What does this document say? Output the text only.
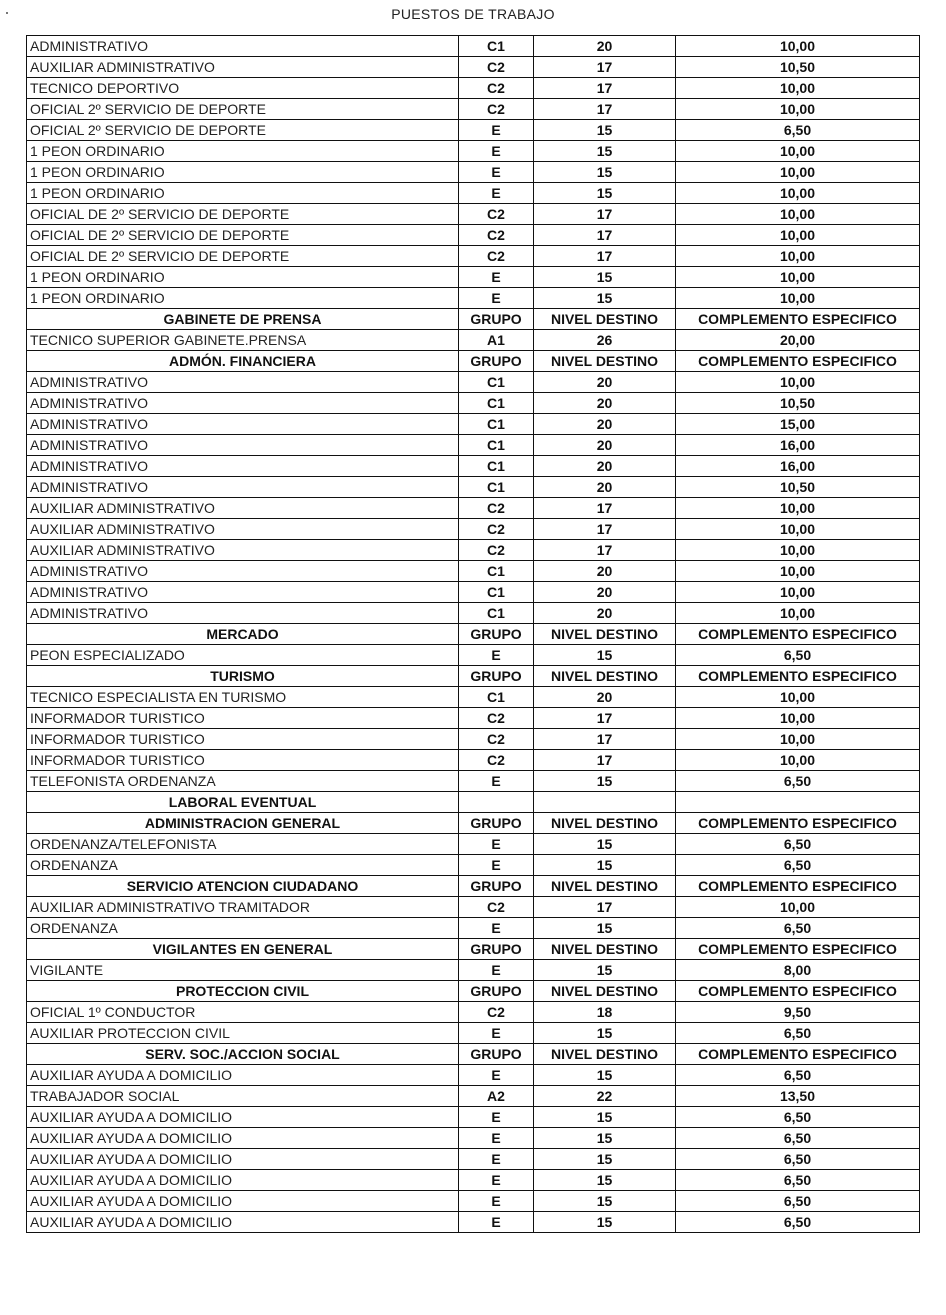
PUESTOS DE TRABAJO
ADMINISTRATIVO	C1	20	10,00
AUXILIAR ADMINISTRATIVO	C2	17	10,50
TECNICO DEPORTIVO	C2	17	10,00
OFICIAL 2º SERVICIO DE DEPORTE	C2	17	10,00
OFICIAL 2º SERVICIO DE DEPORTE	E	15	6,50
1 PEON ORDINARIO	E	15	10,00
1 PEON ORDINARIO	E	15	10,00
1 PEON ORDINARIO	E	15	10,00
OFICIAL DE 2º SERVICIO DE DEPORTE	C2	17	10,00
OFICIAL DE 2º SERVICIO DE DEPORTE	C2	17	10,00
OFICIAL DE 2º SERVICIO DE DEPORTE	C2	17	10,00
1 PEON ORDINARIO	E	15	10,00
1 PEON ORDINARIO	E	15	10,00
GABINETE DE PRENSA	GRUPO	NIVEL DESTINO	COMPLEMENTO ESPECIFICO
TECNICO SUPERIOR GABINETE.PRENSA	A1	26	20,00
ADMÓN. FINANCIERA	GRUPO	NIVEL DESTINO	COMPLEMENTO ESPECIFICO
ADMINISTRATIVO	C1	20	10,00
ADMINISTRATIVO	C1	20	10,50
ADMINISTRATIVO	C1	20	15,00
ADMINISTRATIVO	C1	20	16,00
ADMINISTRATIVO	C1	20	16,00
ADMINISTRATIVO	C1	20	10,50
AUXILIAR ADMINISTRATIVO	C2	17	10,00
AUXILIAR ADMINISTRATIVO	C2	17	10,00
AUXILIAR ADMINISTRATIVO	C2	17	10,00
ADMINISTRATIVO	C1	20	10,00
ADMINISTRATIVO	C1	20	10,00
ADMINISTRATIVO	C1	20	10,00
MERCADO	GRUPO	NIVEL DESTINO	COMPLEMENTO ESPECIFICO
PEON ESPECIALIZADO	E	15	6,50
TURISMO	GRUPO	NIVEL DESTINO	COMPLEMENTO ESPECIFICO
TECNICO ESPECIALISTA EN TURISMO	C1	20	10,00
INFORMADOR TURISTICO	C2	17	10,00
INFORMADOR TURISTICO	C2	17	10,00
INFORMADOR TURISTICO	C2	17	10,00
TELEFONISTA ORDENANZA	E	15	6,50
LABORAL EVENTUAL			
ADMINISTRACION GENERAL	GRUPO	NIVEL DESTINO	COMPLEMENTO ESPECIFICO
ORDENANZA/TELEFONISTA	E	15	6,50
ORDENANZA	E	15	6,50
SERVICIO ATENCION CIUDADANO	GRUPO	NIVEL DESTINO	COMPLEMENTO ESPECIFICO
AUXILIAR ADMINISTRATIVO TRAMITADOR	C2	17	10,00
ORDENANZA	E	15	6,50
VIGILANTES EN GENERAL	GRUPO	NIVEL DESTINO	COMPLEMENTO ESPECIFICO
VIGILANTE	E	15	8,00
PROTECCION CIVIL	GRUPO	NIVEL DESTINO	COMPLEMENTO ESPECIFICO
OFICIAL 1º CONDUCTOR	C2	18	9,50
AUXILIAR PROTECCION CIVIL	E	15	6,50
SERV. SOC./ACCION SOCIAL	GRUPO	NIVEL DESTINO	COMPLEMENTO ESPECIFICO
AUXILIAR AYUDA A DOMICILIO	E	15	6,50
TRABAJADOR SOCIAL	A2	22	13,50
AUXILIAR AYUDA A DOMICILIO	E	15	6,50
AUXILIAR AYUDA A DOMICILIO	E	15	6,50
AUXILIAR AYUDA A DOMICILIO	E	15	6,50
AUXILIAR AYUDA A DOMICILIO	E	15	6,50
AUXILIAR AYUDA A DOMICILIO	E	15	6,50
AUXILIAR AYUDA A DOMICILIO	E	15	6,50
